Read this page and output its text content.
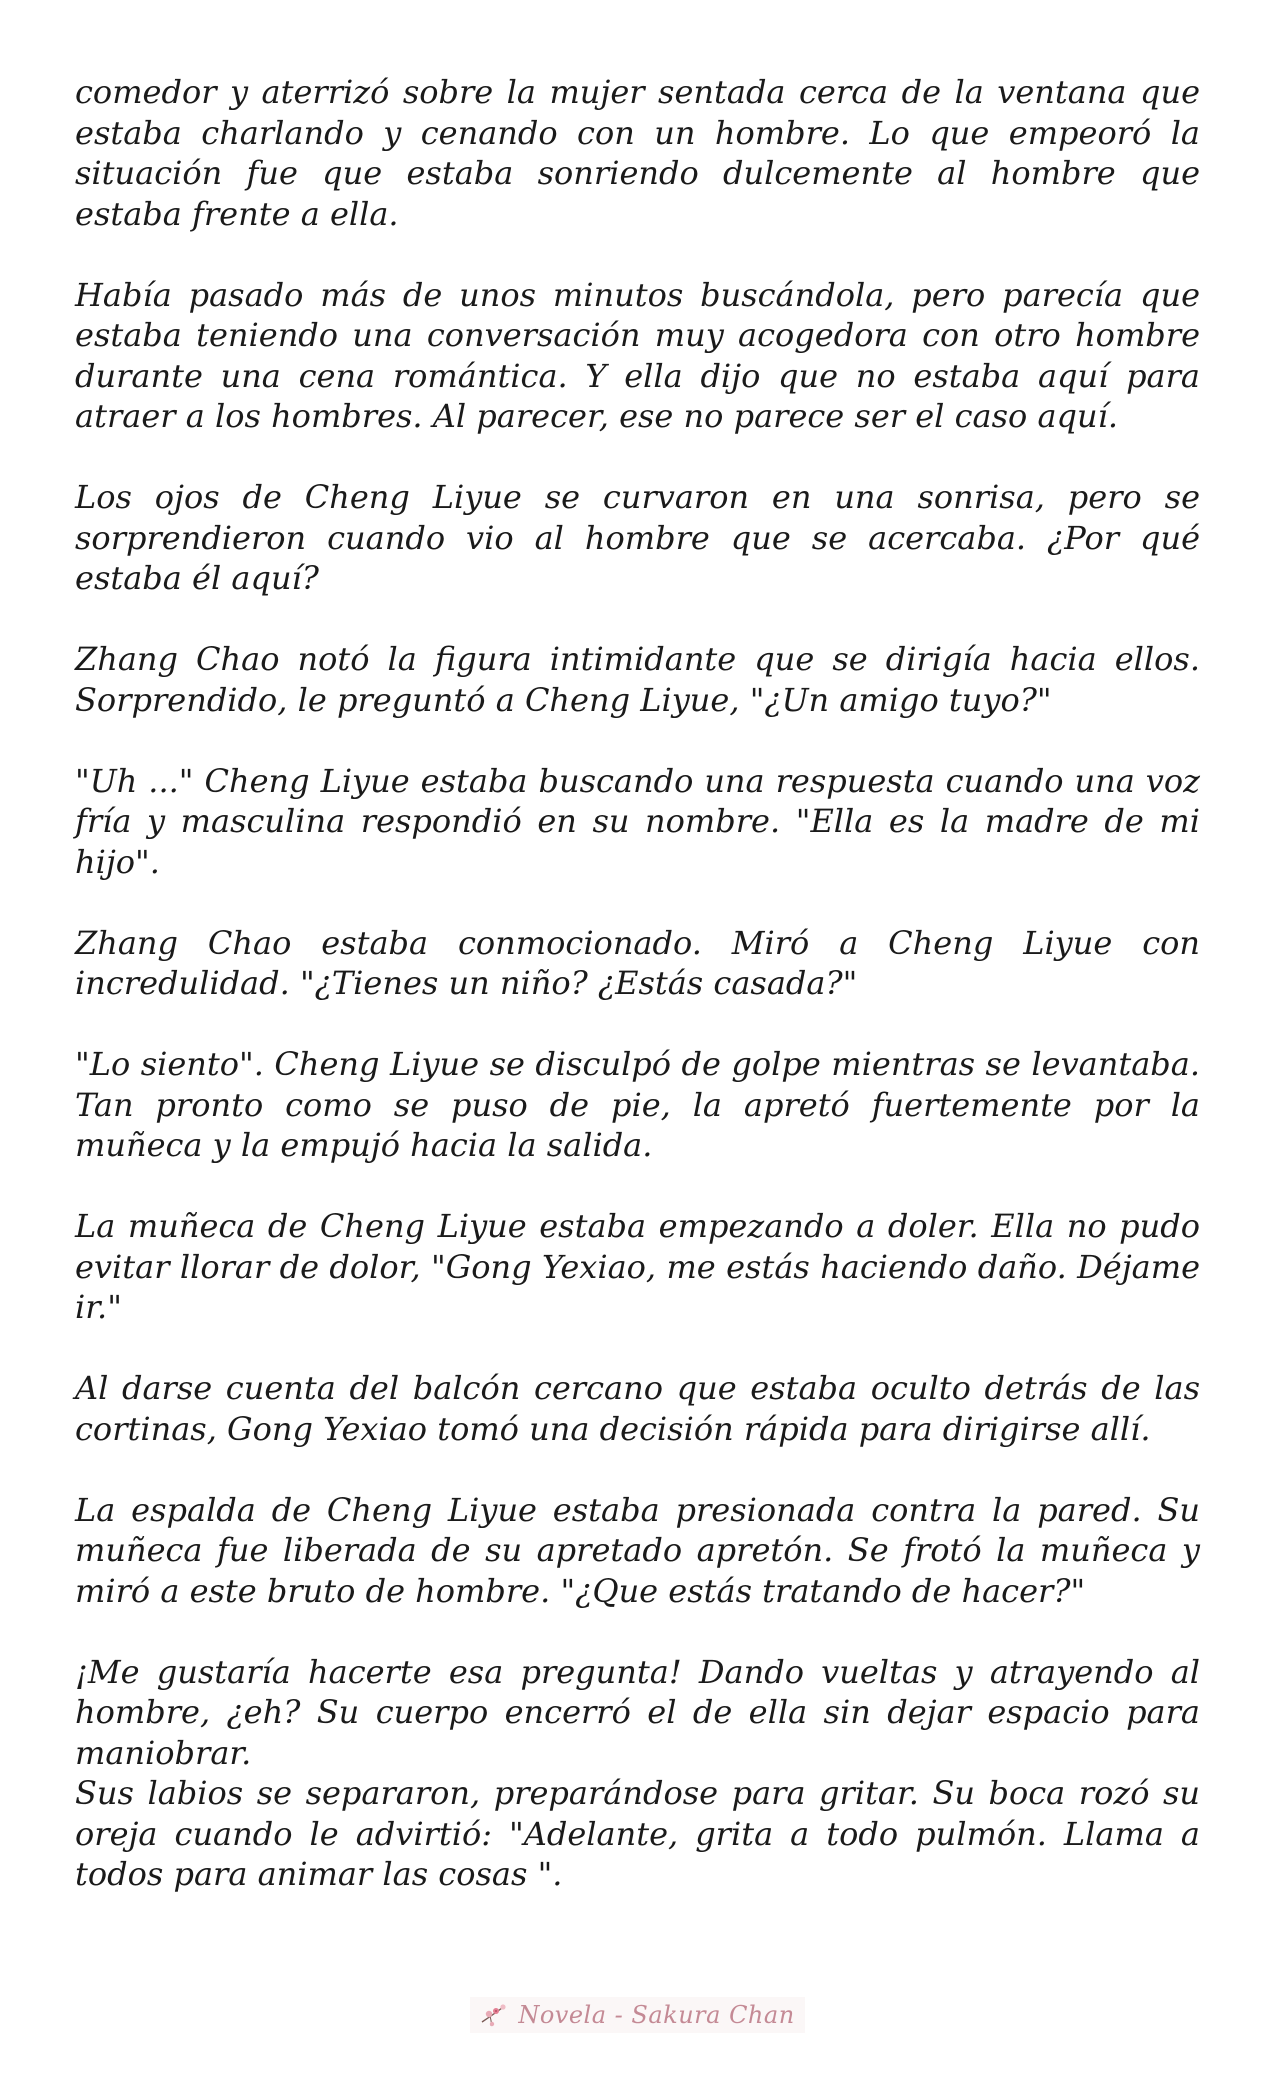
comedor y aterrizó sobre la mujer sentada cerca de la ventana que estaba charlando y cenando con un hombre. Lo que empeoró la situación fue que estaba sonriendo dulcemente al hombre que estaba frente a ella.

Había pasado más de unos minutos buscándola, pero parecía que estaba teniendo una conversación muy acogedora con otro hombre durante una cena romántica. Y ella dijo que no estaba aquí para atraer a los hombres. Al parecer, ese no parece ser el caso aquí.

Los ojos de Cheng Liyue se curvaron en una sonrisa, pero se sorprendieron cuando vio al hombre que se acercaba. ¿Por qué estaba él aquí?

Zhang Chao notó la figura intimidante que se dirigía hacia ellos. Sorprendido, le preguntó a Cheng Liyue, "¿Un amigo tuyo?"

"Uh ..." Cheng Liyue estaba buscando una respuesta cuando una voz fría y masculina respondió en su nombre. "Ella es la madre de mi hijo".

Zhang Chao estaba conmocionado. Miró a Cheng Liyue con incredulidad. "¿Tienes un niño? ¿Estás casada?"

"Lo siento". Cheng Liyue se disculpó de golpe mientras se levantaba. Tan pronto como se puso de pie, la apretó fuertemente por la muñeca y la empujó hacia la salida.

La muñeca de Cheng Liyue estaba empezando a doler. Ella no pudo evitar llorar de dolor, "Gong Yexiao, me estás haciendo daño. Déjame ir."

Al darse cuenta del balcón cercano que estaba oculto detrás de las cortinas, Gong Yexiao tomó una decisión rápida para dirigirse allí.

La espalda de Cheng Liyue estaba presionada contra la pared. Su muñeca fue liberada de su apretado apretón. Se frotó la muñeca y miró a este bruto de hombre. "¿Que estás tratando de hacer?"

¡Me gustaría hacerte esa pregunta! Dando vueltas y atrayendo al hombre, ¿eh? Su cuerpo encerró el de ella sin dejar espacio para maniobrar.

Sus labios se separaron, preparándose para gritar. Su boca rozó su oreja cuando le advirtió: "Adelante, grita a todo pulmón. Llama a todos para animar las cosas ".

Novela - Sakura Chan
